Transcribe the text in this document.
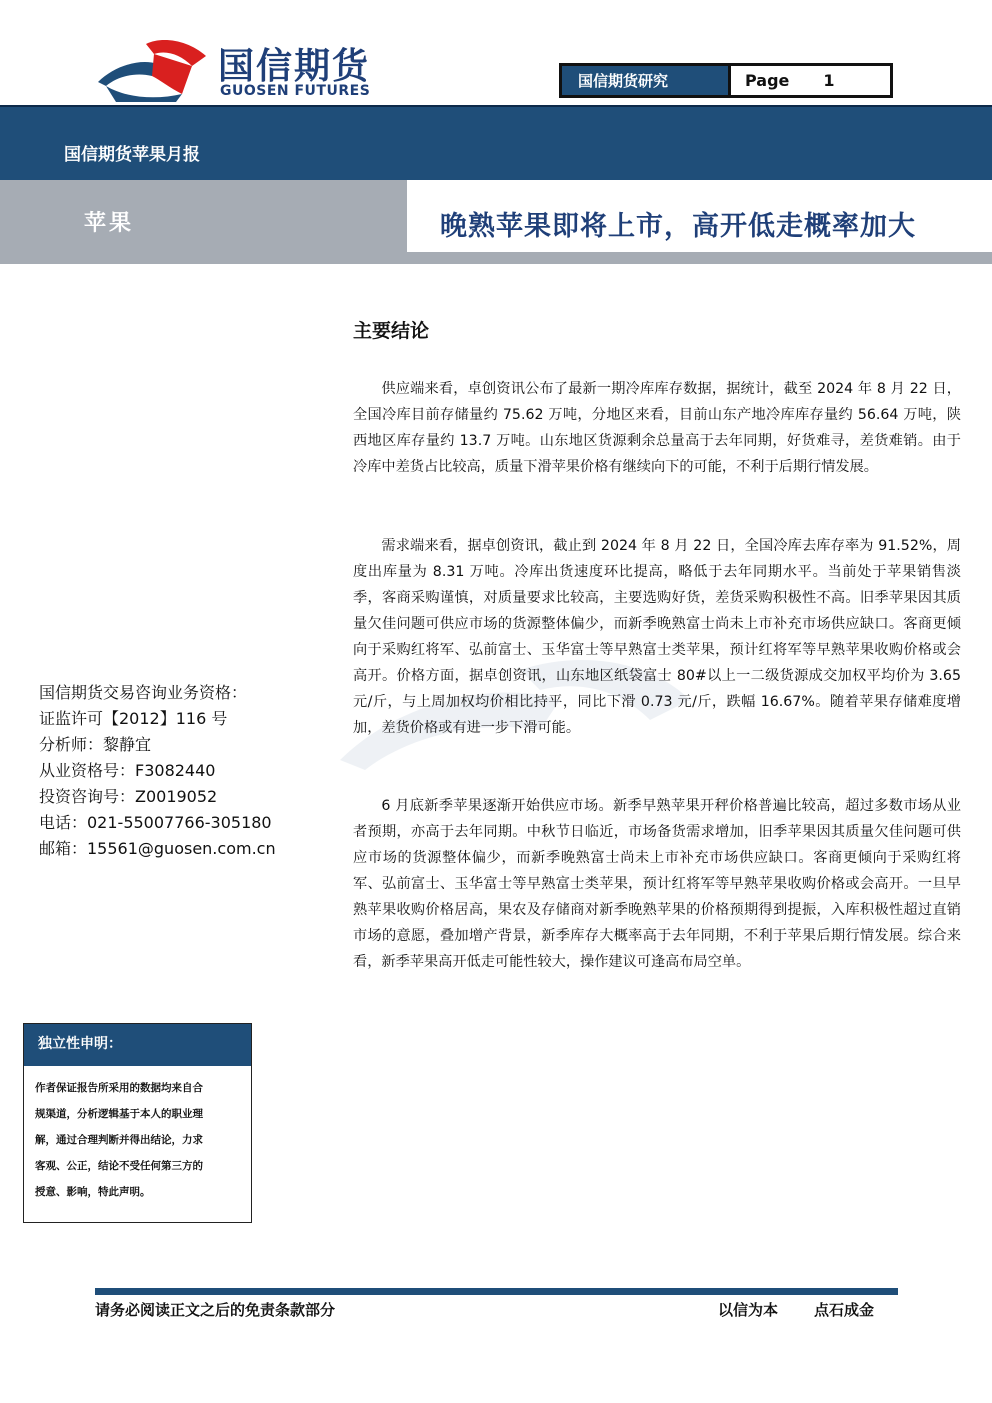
国信期货
GUOSEN FUTURES
国信期货研究	Page 1
国信期货苹果月报
苹果	晚熟苹果即将上市，高开低走概率加大
2024 年 8 月 25 日
主要结论

供应端来看，卓创资讯公布了最新一期冷库库存数据，据统计，截至 2024 年 8 月 22 日，全国冷库目前存储量约 75.62 万吨，分地区来看，目前山东产地冷库库存量约 56.64 万吨，陕西地区库存量约 13.7 万吨。山东地区货源剩余总量高于去年同期，好货难寻，差货难销。由于冷库中差货占比较高，质量下滑苹果价格有继续向下的可能，不利于后期行情发展。

需求端来看，据卓创资讯，截止到 2024 年 8 月 22 日，全国冷库去库存率为 91.52%，周度出库量为 8.31 万吨。冷库出货速度环比提高，略低于去年同期水平。当前处于苹果销售淡季，客商采购谨慎，对质量要求比较高，主要选购好货，差货采购积极性不高。旧季苹果因其质量欠佳问题可供应市场的货源整体偏少，而新季晚熟富士尚未上市补充市场供应缺口。客商更倾向于采购红将军、弘前富士、玉华富士等早熟富士类苹果，预计红将军等早熟苹果收购价格或会高开。价格方面，据卓创资讯，山东地区纸袋富士 80#以上一二级货源成交加权平均价为 3.65 元/斤，与上周加权均价相比持平，同比下滑 0.73 元/斤，跌幅 16.67%。随着苹果存储难度增加，差货价格或有进一步下滑可能。

6 月底新季苹果逐渐开始供应市场。新季早熟苹果开秤价格普遍比较高，超过多数市场从业者预期，亦高于去年同期。中秋节日临近，市场备货需求增加，旧季苹果因其质量欠佳问题可供应市场的货源整体偏少，而新季晚熟富士尚未上市补充市场供应缺口。客商更倾向于采购红将军、弘前富士、玉华富士等早熟富士类苹果，预计红将军等早熟苹果收购价格或会高开。一旦早熟苹果收购价格居高，果农及存储商对新季晚熟苹果的价格预期得到提振，入库积极性超过直销市场的意愿，叠加增产背景，新季库存大概率高于去年同期，不利于苹果后期行情发展。综合来看，新季苹果高开低走可能性较大，操作建议可逢高布局空单。

国信期货交易咨询业务资格：
证监许可【2012】116 号
分析师：黎静宜
从业资格号：F3082440
投资咨询号：Z0019052
电话：021-55007766-305180
邮箱：15561@guosen.com.cn
独立性申明：
作者保证报告所采用的数据均来自合
规渠道，分析逻辑基于本人的职业理
解，通过合理判断并得出结论，力求
客观、公正，结论不受任何第三方的
授意、影响，特此声明。
请务必阅读正文之后的免责条款部分	以信为本 点石成金
